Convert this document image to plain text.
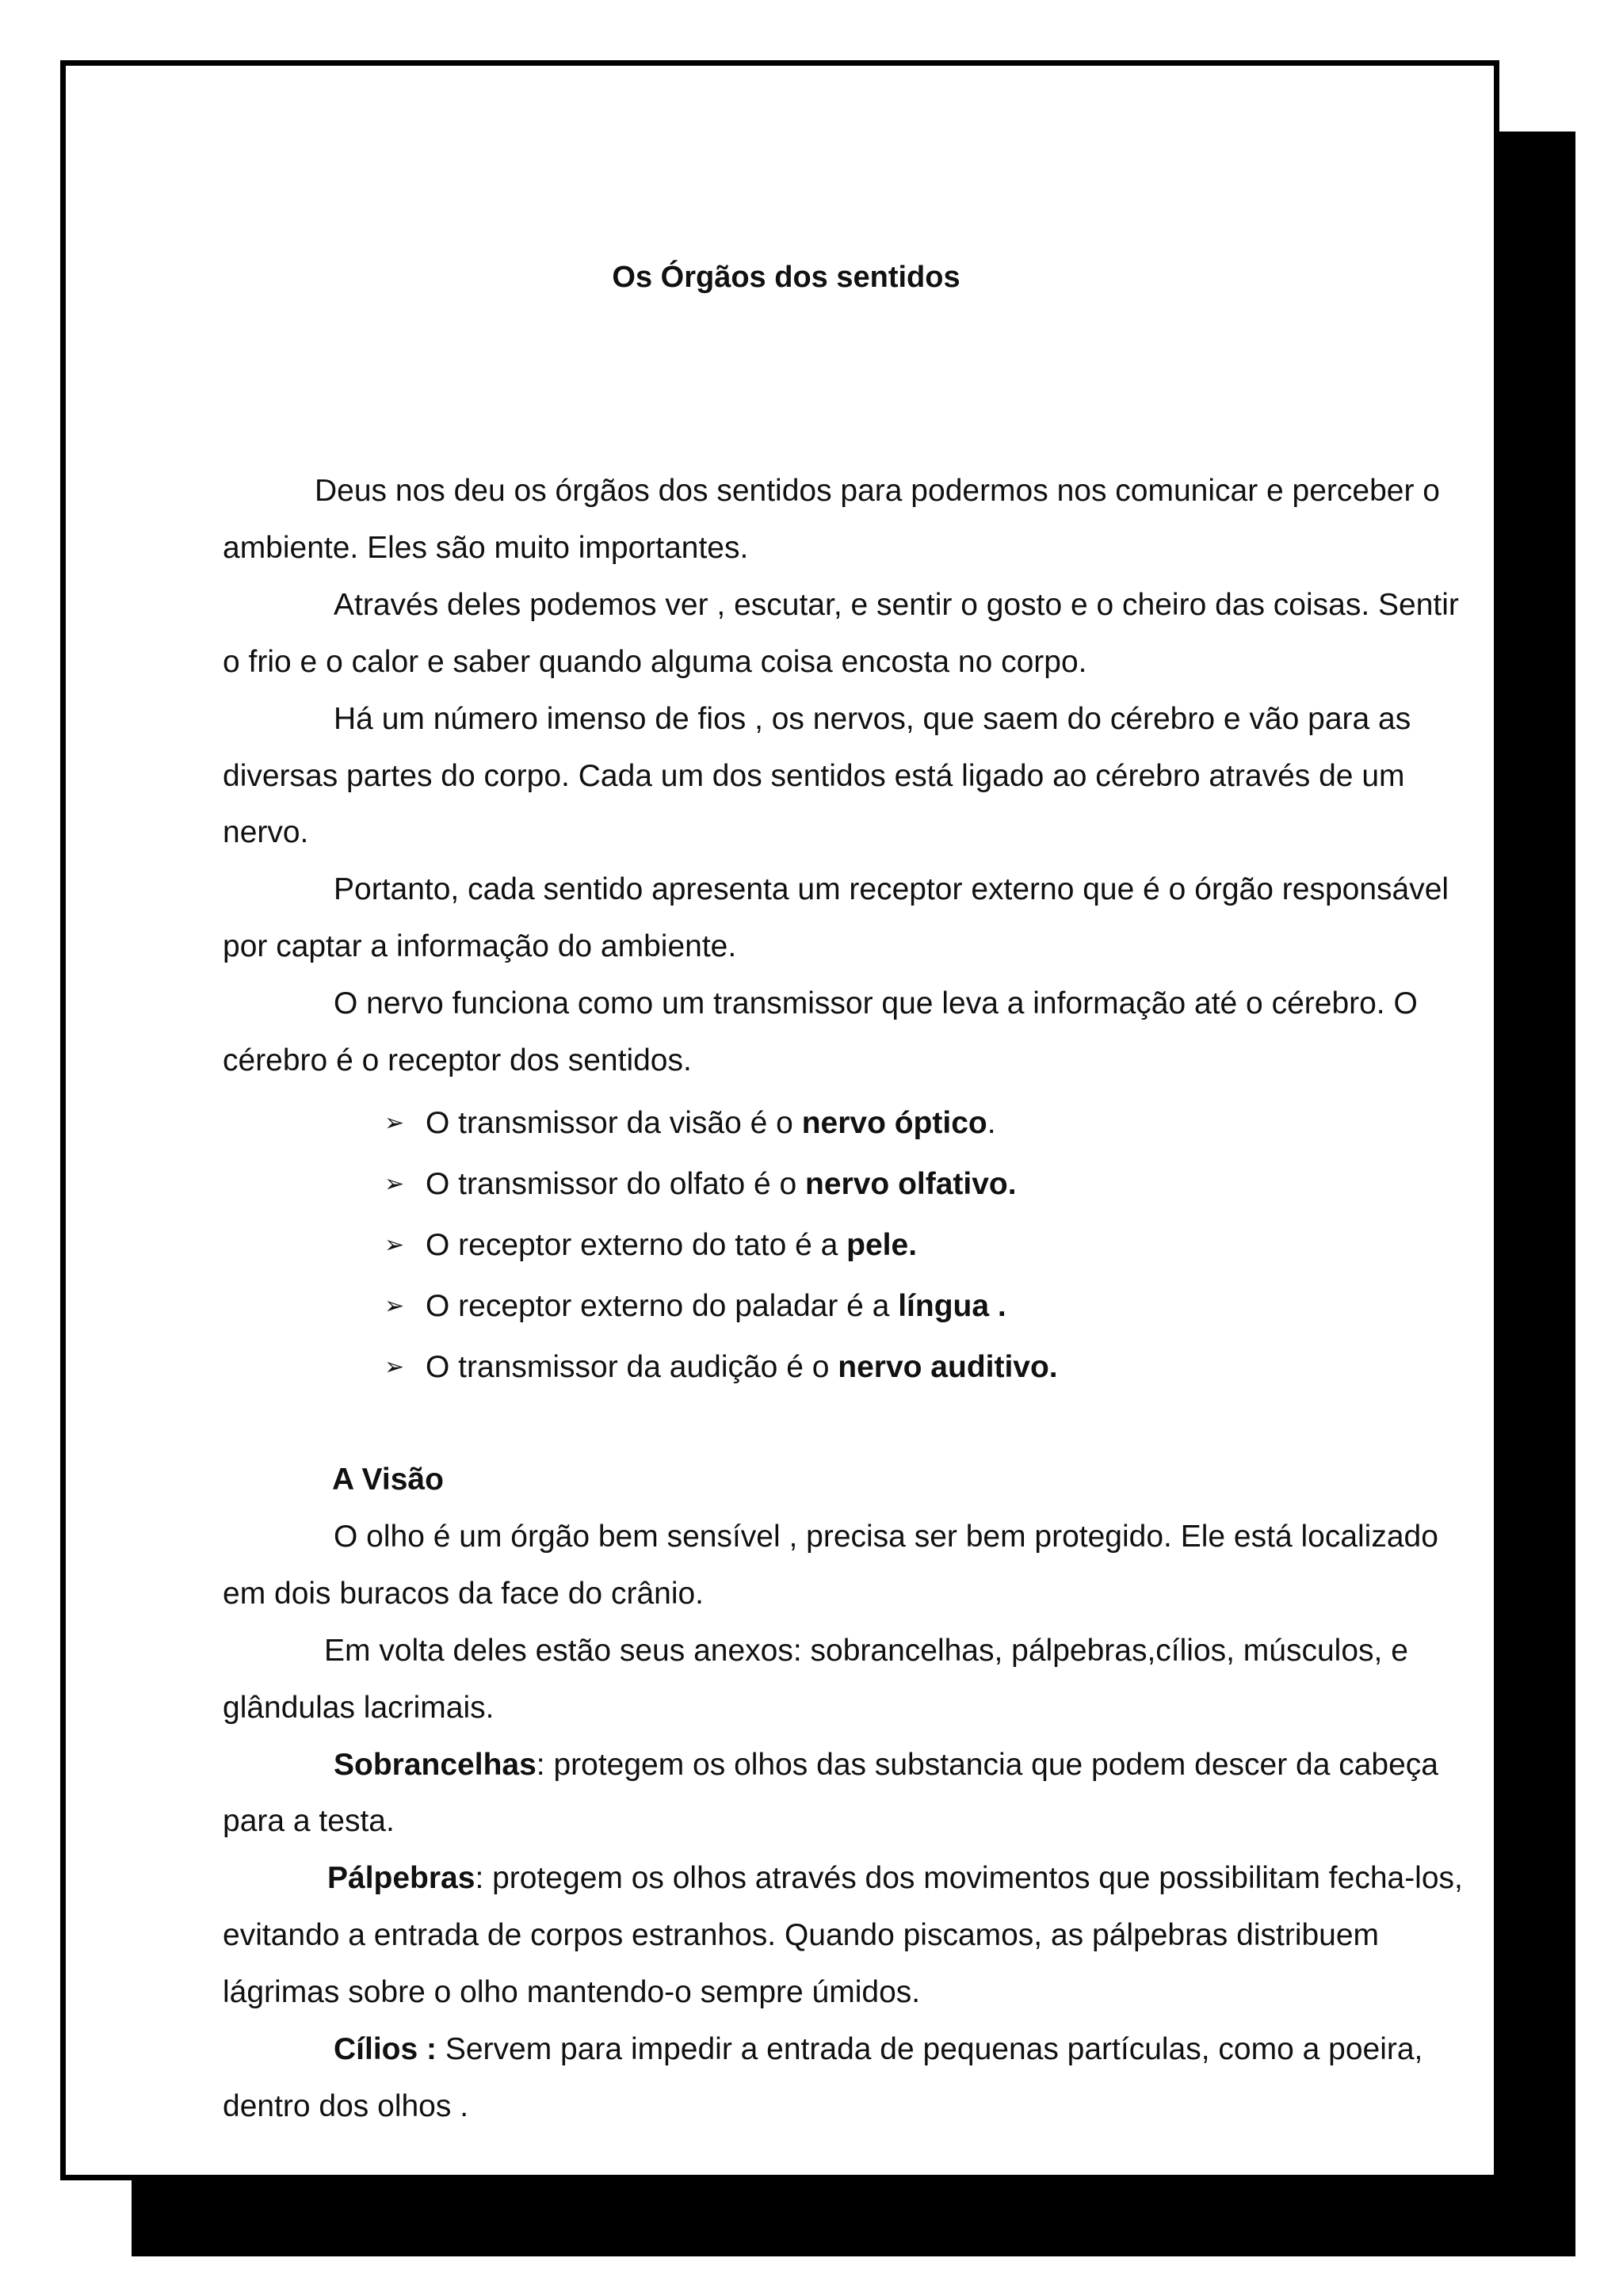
Os Órgãos dos sentidos

Deus nos deu os órgãos dos sentidos para podermos nos comunicar e perceber o ambiente. Eles são muito importantes.

Através deles podemos ver , escutar, e sentir o gosto e o cheiro das coisas. Sentir o frio e o calor e saber quando alguma coisa encosta no corpo.

Há um número imenso de fios , os nervos, que saem do cérebro e vão para as diversas partes do corpo. Cada um dos sentidos está ligado ao cérebro através de um nervo.

Portanto, cada sentido apresenta um receptor externo que é o órgão responsável por captar a informação do ambiente.

O nervo funciona como um transmissor que leva a informação até o cérebro. O cérebro é o receptor dos sentidos.

➢ O transmissor da visão é o nervo óptico.
➢ O transmissor do olfato é o nervo olfativo.
➢ O receptor externo do tato é a pele.
➢ O receptor externo do paladar é a língua .
➢ O transmissor da audição é o nervo auditivo.

A Visão

O olho é um órgão bem sensível , precisa ser bem protegido. Ele está localizado em dois buracos da face do crânio.

Em volta deles estão seus anexos: sobrancelhas, pálpebras,cílios, músculos, e glândulas lacrimais.

Sobrancelhas: protegem os olhos das substancia que podem descer da cabeça para a testa.

Pálpebras: protegem os olhos através dos movimentos que possibilitam fecha-los, evitando a entrada de corpos estranhos. Quando piscamos, as pálpebras distribuem lágrimas sobre o olho mantendo-o sempre úmidos.

Cílios : Servem para impedir a entrada de pequenas partículas, como a poeira, dentro dos olhos .
